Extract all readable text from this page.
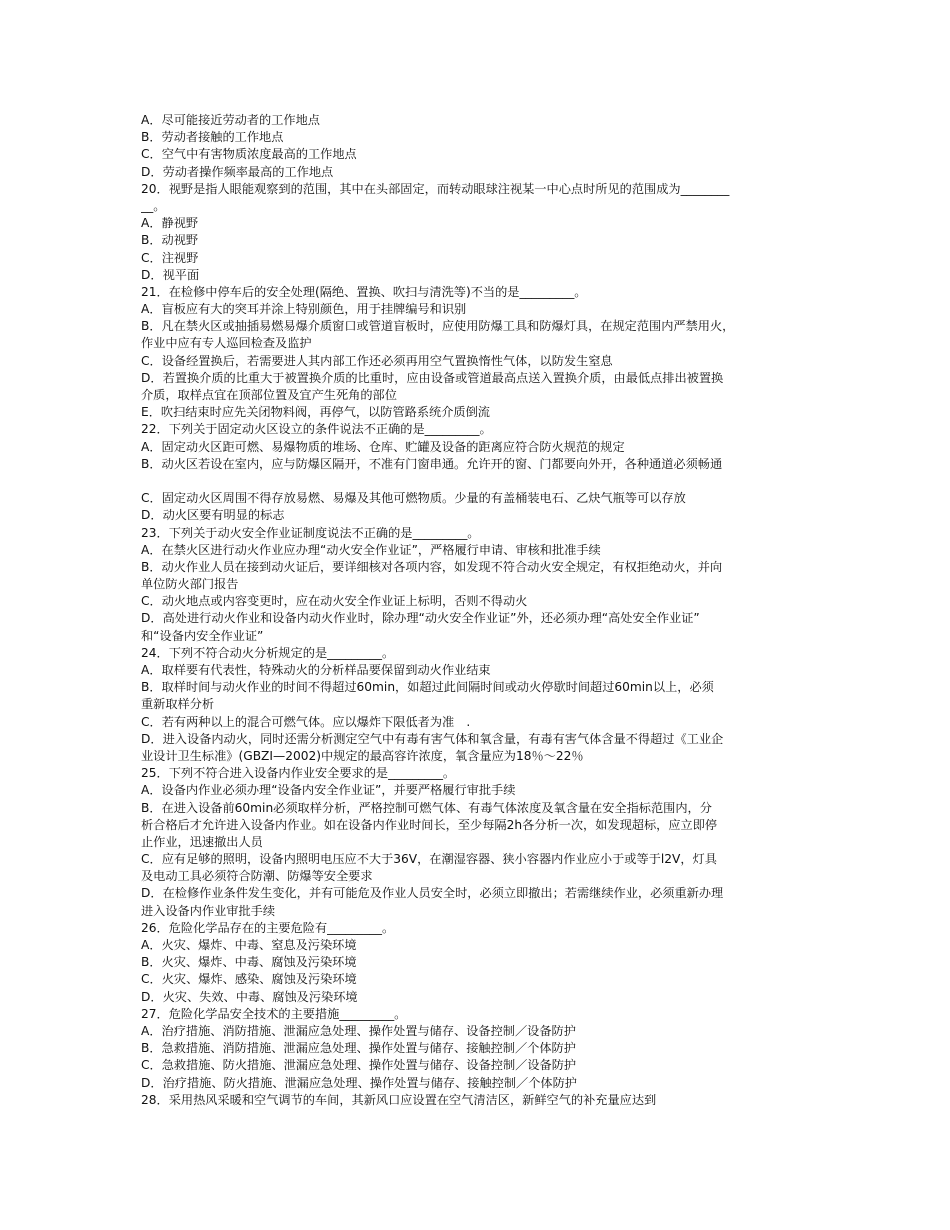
A．尽可能接近劳动者的工作地点
B．劳动者接触的工作地点
C．空气中有害物质浓度最高的工作地点
D．劳动者操作频率最高的工作地点
20．视野是指人眼能观察到的范围，其中在头部固定，而转动眼球注视某一中心点时所见的范围成为________
__。
A．静视野
B．动视野
C．注视野
D．视平面
21．在检修中停车后的安全处理(隔绝、置换、吹扫与清洗等)不当的是_________。
A．盲板应有大的突耳并涂上特别颜色，用于挂牌编号和识别
B．凡在禁火区或抽插易燃易爆介质窗口或管道盲板时，应使用防爆工具和防爆灯具，在规定范围内严禁用火，
作业中应有专人巡回检查及监护
C．设备经置换后，若需要进人其内部工作还必须再用空气置换惰性气体，以防发生窒息
D．若置换介质的比重大于被置换介质的比重时，应由设备或管道最高点送入置换介质，由最低点排出被置换
介质，取样点宜在顶部位置及宜产生死角的部位
E．吹扫结束时应先关闭物料阀，再停气，以防管路系统介质倒流
22．下列关于固定动火区设立的条件说法不正确的是_________。
A．固定动火区距可燃、易爆物质的堆场、仓库、贮罐及设备的距离应符合防火规范的规定
B．动火区若设在室内，应与防爆区隔开，不准有门窗串通。允许开的窗、门都要向外开，各种通道必须畅通
C．固定动火区周围不得存放易燃、易爆及其他可燃物质。少量的有盖桶装电石、乙炔气瓶等可以存放
D．动火区要有明显的标志
23．下列关于动火安全作业证制度说法不正确的是_________。
A．在禁火区进行动火作业应办理“动火安全作业证”，严格履行申请、审核和批准手续
B．动火作业人员在接到动火证后，要详细核对各项内容，如发现不符合动火安全规定，有权拒绝动火，并向
单位防火部门报告
C．动火地点或内容变更时，应在动火安全作业证上标明，否则不得动火
D．高处进行动火作业和设备内动火作业时，除办理“动火安全作业证”外，还必须办理“高处安全作业证”
和“设备内安全作业证”
24．下列不符合动火分析规定的是_________。
A．取样要有代表性，特殊动火的分析样品要保留到动火作业结束
B．取样时间与动火作业的时间不得超过60min，如超过此间隔时间或动火停歇时间超过60min以上，必须
重新取样分析
C．若有两种以上的混合可燃气体。应以爆炸下限低者为准　.
D．进入设备内动火，同时还需分析测定空气中有毒有害气体和氧含量，有毒有害气体含量不得超过《工业企
业设计卫生标准》(GBZI—2002)中规定的最高容许浓度，氧含量应为18％～22％
25．下列不符合进入设备内作业安全要求的是_________。
A．设备内作业必须办理“设备内安全作业证”，并要严格履行审批手续
B．在进入设备前60min必须取样分析，严格控制可燃气体、有毒气体浓度及氧含量在安全指标范围内，分
析合格后才允许进入设备内作业。如在设备内作业时间长，至少每隔2h各分析一次，如发现超标，应立即停
止作业，迅速撤出人员
C．应有足够的照明，设备内照明电压应不大于36V，在潮湿容器、狭小容器内作业应小于或等于l2V，灯具
及电动工具必须符合防潮、防爆等安全要求
D．在检修作业条件发生变化，并有可能危及作业人员安全时，必须立即撤出；若需继续作业，必须重新办理
进入设备内作业审批手续
26．危险化学品存在的主要危险有_________。
A．火灾、爆炸、中毒、窒息及污染环境
B．火灾、爆炸、中毒、腐蚀及污染环境
C．火灾、爆炸、感染、腐蚀及污染环境
D．火灾、失效、中毒、腐蚀及污染环境
27．危险化学品安全技术的主要措施_________。
A．治疗措施、消防措施、泄漏应急处理、操作处置与储存、设备控制／设备防护
B．急救措施、消防措施、泄漏应急处理、操作处置与储存、接触控制／个体防护
C．急救措施、防火措施、泄漏应急处理、操作处置与储存、设备控制／设备防护
D．治疗措施、防火措施、泄漏应急处理、操作处置与储存、接触控制／个体防护
28．采用热风采暖和空气调节的车间，其新风口应设置在空气清洁区，新鲜空气的补充量应达到
